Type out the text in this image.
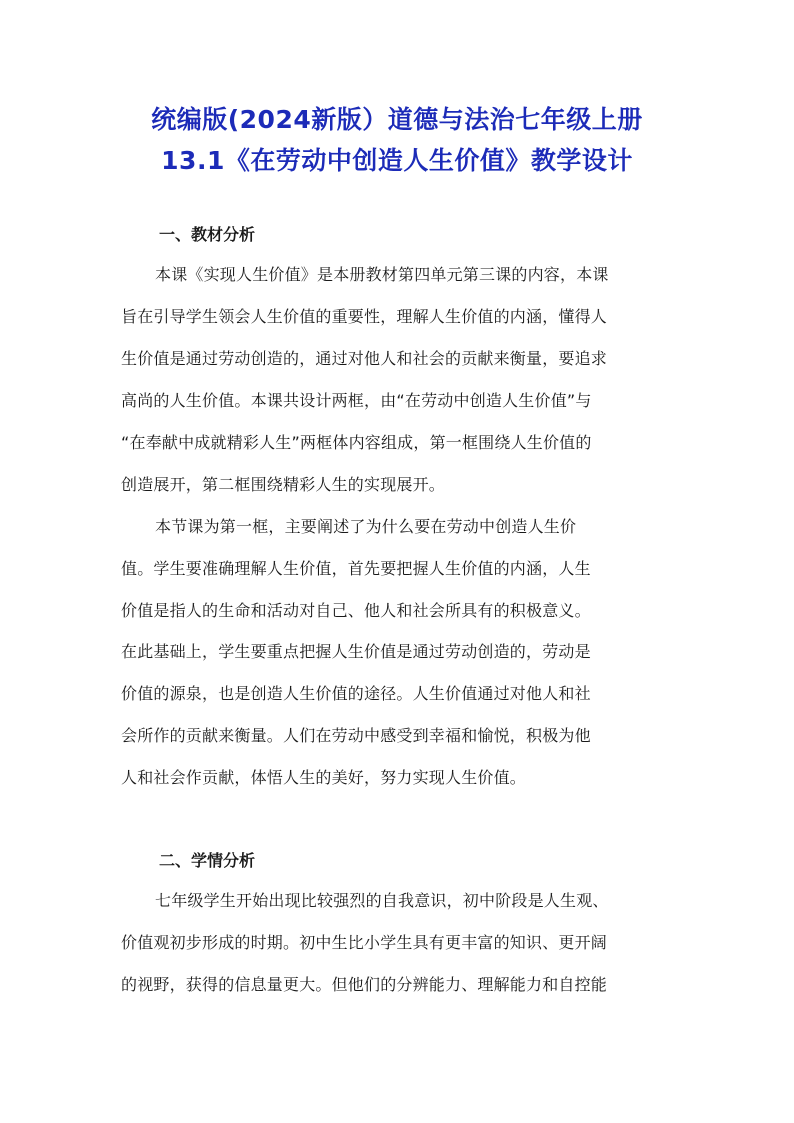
统编版(2024新版）道德与法治七年级上册
13.1《在劳动中创造人生价值》教学设计
一、教材分析
本课《实现人生价值》是本册教材第四单元第三课的内容，本课
旨在引导学生领会人生价值的重要性，理解人生价值的内涵，懂得人
生价值是通过劳动创造的，通过对他人和社会的贡献来衡量，要追求
高尚的人生价值。本课共设计两框，由“在劳动中创造人生价值”与
“在奉献中成就精彩人生”两框体内容组成，第一框围绕人生价值的
创造展开，第二框围绕精彩人生的实现展开。
本节课为第一框，主要阐述了为什么要在劳动中创造人生价
值。学生要准确理解人生价值，首先要把握人生价值的内涵，人生
价值是指人的生命和活动对自己、他人和社会所具有的积极意义。
在此基础上，学生要重点把握人生价值是通过劳动创造的，劳动是
价值的源泉，也是创造人生价值的途径。人生价值通过对他人和社
会所作的贡献来衡量。人们在劳动中感受到幸福和愉悦，积极为他
人和社会作贡献，体悟人生的美好，努力实现人生价值。
二、学情分析
七年级学生开始出现比较强烈的自我意识，初中阶段是人生观、
价值观初步形成的时期。初中生比小学生具有更丰富的知识、更开阔
的视野，获得的信息量更大。但他们的分辨能力、理解能力和自控能
